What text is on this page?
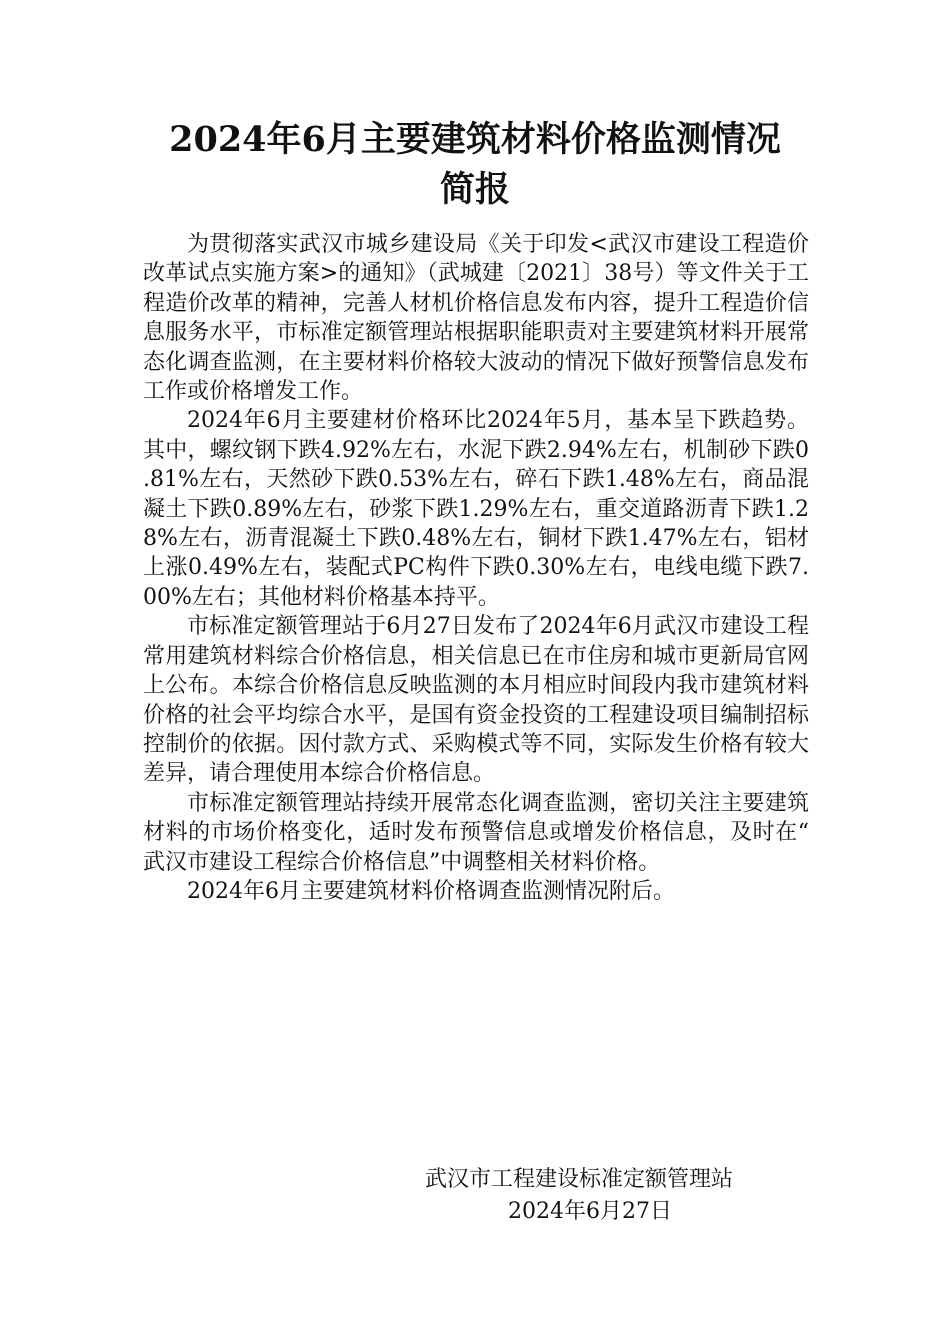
2024年6月主要建筑材料价格监测情况
简报

为贯彻落实武汉市城乡建设局《关于印发<武汉市建设工程造价改革试点实施方案>的通知》（武城建〔2021〕38号）等文件关于工程造价改革的精神，完善人材机价格信息发布内容，提升工程造价信息服务水平，市标准定额管理站根据职能职责对主要建筑材料开展常态化调查监测，在主要材料价格较大波动的情况下做好预警信息发布工作或价格增发工作。

2024年6月主要建材价格环比2024年5月，基本呈下跌趋势。其中，螺纹钢下跌4.92%左右，水泥下跌2.94%左右，机制砂下跌0.81%左右，天然砂下跌0.53%左右，碎石下跌1.48%左右，商品混凝土下跌0.89%左右，砂浆下跌1.29%左右，重交道路沥青下跌1.28%左右，沥青混凝土下跌0.48%左右，铜材下跌1.47%左右，铝材上涨0.49%左右，装配式PC构件下跌0.30%左右，电线电缆下跌7.00%左右；其他材料价格基本持平。

市标准定额管理站于6月27日发布了2024年6月武汉市建设工程常用建筑材料综合价格信息，相关信息已在市住房和城市更新局官网上公布。本综合价格信息反映监测的本月相应时间段内我市建筑材料价格的社会平均综合水平，是国有资金投资的工程建设项目编制招标控制价的依据。因付款方式、采购模式等不同，实际发生价格有较大差异，请合理使用本综合价格信息。

市标准定额管理站持续开展常态化调查监测，密切关注主要建筑材料的市场价格变化，适时发布预警信息或增发价格信息，及时在“武汉市建设工程综合价格信息”中调整相关材料价格。

2024年6月主要建筑材料价格调查监测情况附后。

武汉市工程建设标准定额管理站
2024年6月27日
